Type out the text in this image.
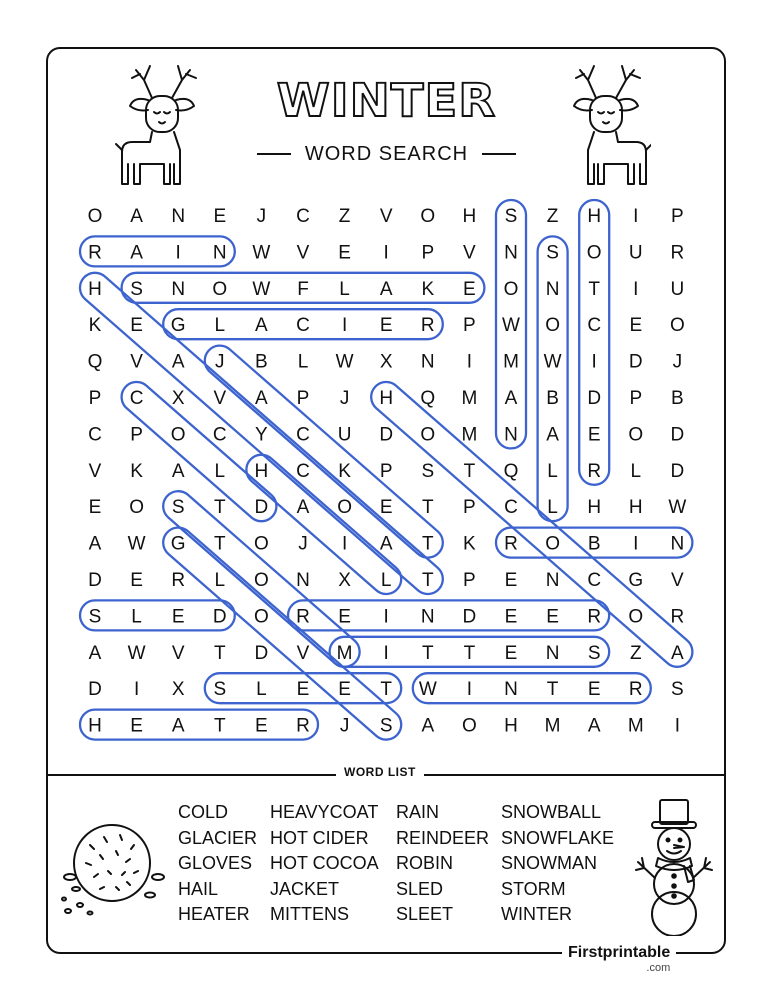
WINTER
WORD SEARCH
O A N E J C Z V O H S Z H I P
R A I N W V E I P V N S O U R
H S N O W F L A K E O N T I U
K E G L A C I E R P W O C E O
Q V A J B L W X N I M W I D J
P C X V A P J H Q M A B D P B
C P O C Y C U D O M N A E O D
V K A L H C K P S T Q L R L D
E O S T D A O E T P C L H H W
A W G T O J I A T K R O B I N
D E R L O N X L T P E N C G V
S L E D O R E I N D E E R O R
A W V T D V M I T T E N S Z A
D I X S L E E T W I N T E R S
H E A T E R J S A O H M A M I
WORD LIST
COLD
GLACIER
GLOVES
HAIL
HEATER
HEAVYCOAT
HOT CIDER
HOT COCOA
JACKET
MITTENS
RAIN
REINDEER
ROBIN
SLED
SLEET
SNOWBALL
SNOWFLAKE
SNOWMAN
STORM
WINTER
Firstprintable
.com
